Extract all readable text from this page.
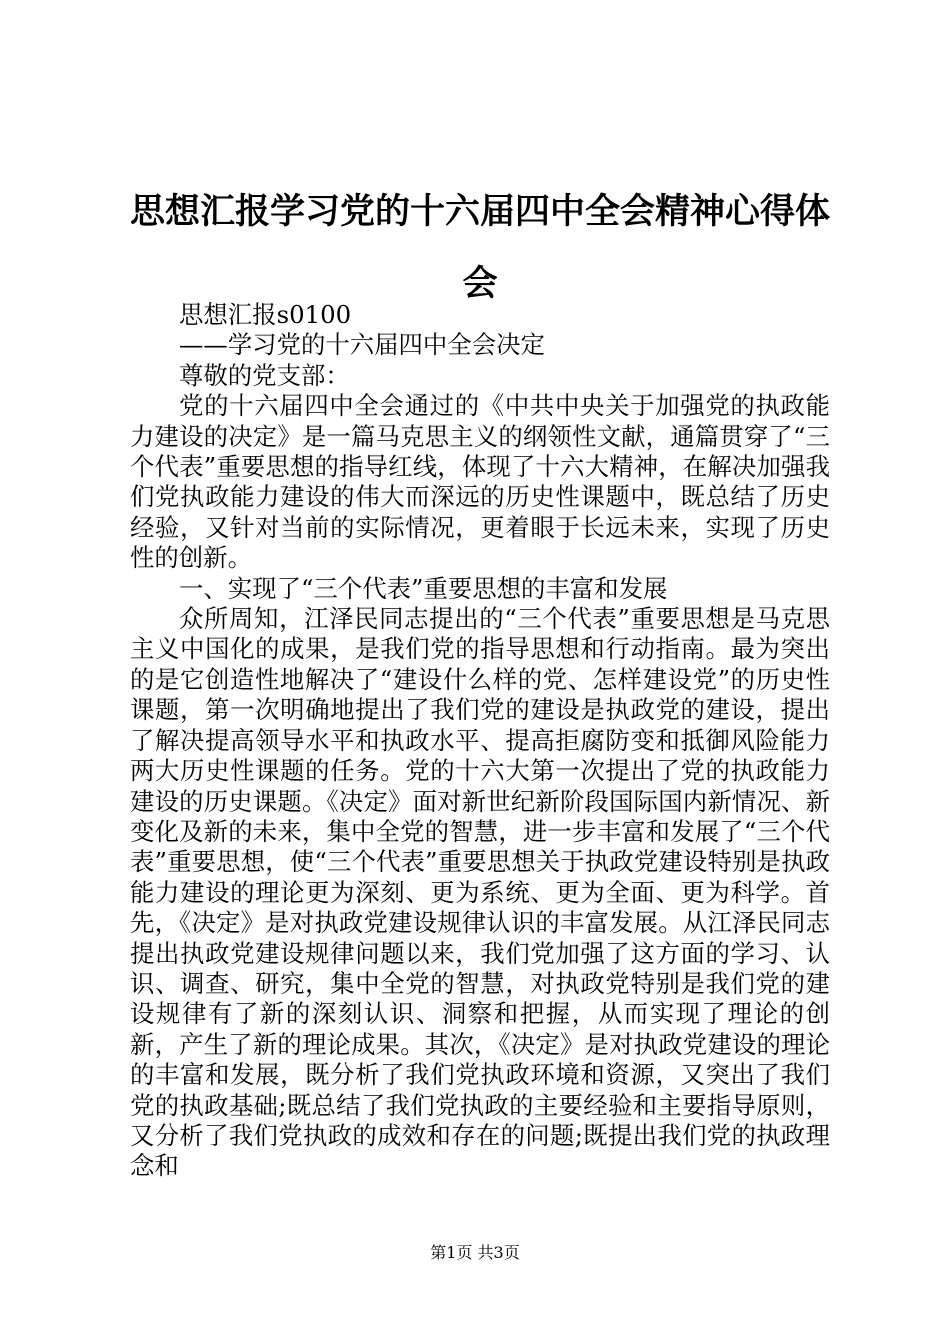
思想汇报学习党的十六届四中全会精神心得体会

思想汇报s0100

——学习党的十六届四中全会决定

尊敬的党支部：

党的十六届四中全会通过的《中共中央关于加强党的执政能力建设的决定》是一篇马克思主义的纲领性文献，通篇贯穿了“三个代表”重要思想的指导红线，体现了十六大精神，在解决加强我们党执政能力建设的伟大而深远的历史性课题中，既总结了历史经验，又针对当前的实际情况，更着眼于长远未来，实现了历史性的创新。

一、实现了“三个代表”重要思想的丰富和发展

众所周知，江泽民同志提出的“三个代表”重要思想是马克思主义中国化的成果，是我们党的指导思想和行动指南。最为突出的是它创造性地解决了“建设什么样的党、怎样建设党”的历史性课题，第一次明确地提出了我们党的建设是执政党的建设，提出了解决提高领导水平和执政水平、提高拒腐防变和抵御风险能力两大历史性课题的任务。党的十六大第一次提出了党的执政能力建设的历史课题。《决定》面对新世纪新阶段国际国内新情况、新变化及新的未来，集中全党的智慧，进一步丰富和发展了“三个代表”重要思想，使“三个代表”重要思想关于执政党建设特别是执政能力建设的理论更为深刻、更为系统、更为全面、更为科学。首先，《决定》是对执政党建设规律认识的丰富发展。从江泽民同志提出执政党建设规律问题以来，我们党加强了这方面的学习、认识、调查、研究，集中全党的智慧，对执政党特别是我们党的建设规律有了新的深刻认识、洞察和把握，从而实现了理论的创新，产生了新的理论成果。其次，《决定》是对执政党建设的理论的丰富和发展，既分析了我们党执政环境和资源，又突出了我们党的执政基础;既总结了我们党执政的主要经验和主要指导原则，又分析了我们党执政的成效和存在的问题;既提出我们党的执政理念和

第1页 共3页
